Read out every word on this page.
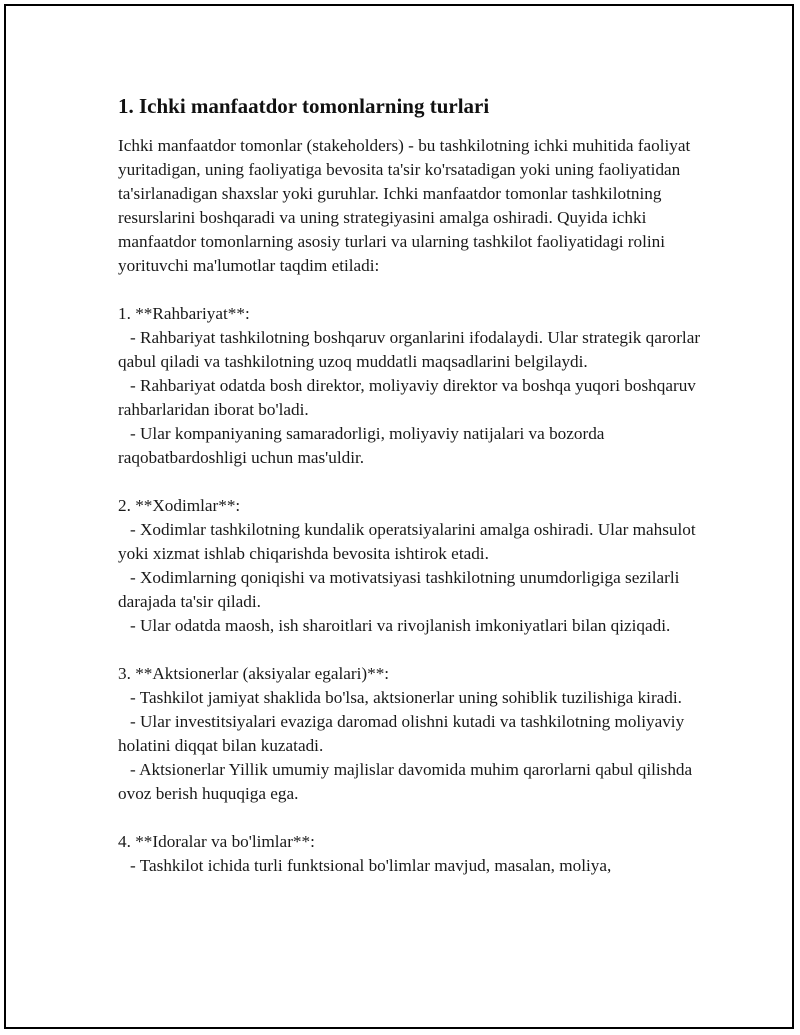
1. Ichki manfaatdor tomonlarning turlari

Ichki manfaatdor tomonlar (stakeholders) - bu tashkilotning ichki muhitida faoliyat yuritadigan, uning faoliyatiga bevosita ta'sir ko'rsatadigan yoki uning faoliyatidan ta'sirlanadigan shaxslar yoki guruhlar. Ichki manfaatdor tomonlar tashkilotning resurslarini boshqaradi va uning strategiyasini amalga oshiradi. Quyida ichki manfaatdor tomonlarning asosiy turlari va ularning tashkilot faoliyatidagi rolini yorituvchi ma'lumotlar taqdim etiladi:

1. **Rahbariyat**:

- Rahbariyat tashkilotning boshqaruv organlarini ifodalaydi. Ular strategik qarorlar qabul qiladi va tashkilotning uzoq muddatli maqsadlarini belgilaydi.

- Rahbariyat odatda bosh direktor, moliyaviy direktor va boshqa yuqori boshqaruv rahbarlaridan iborat bo'ladi.

- Ular kompaniyaning samaradorligi, moliyaviy natijalari va bozorda raqobatbardoshligi uchun mas'uldir.

2. **Xodimlar**:

- Xodimlar tashkilotning kundalik operatsiyalarini amalga oshiradi. Ular mahsulot yoki xizmat ishlab chiqarishda bevosita ishtirok etadi.

- Xodimlarning qoniqishi va motivatsiyasi tashkilotning unumdorligiga sezilarli darajada ta'sir qiladi.

- Ular odatda maosh, ish sharoitlari va rivojlanish imkoniyatlari bilan qiziqadi.

3. **Aktsionerlar (aksiyalar egalari)**:

- Tashkilot jamiyat shaklida bo'lsa, aktsionerlar uning sohiblik tuzilishiga kiradi.

- Ular investitsiyalari evaziga daromad olishni kutadi va tashkilotning moliyaviy holatini diqqat bilan kuzatadi.

- Aktsionerlar Yillik umumiy majlislar davomida muhim qarorlarni qabul qilishda ovoz berish huquqiga ega.

4. **Idoralar va bo'limlar**:

- Tashkilot ichida turli funktsional bo'limlar mavjud, masalan, moliya,
